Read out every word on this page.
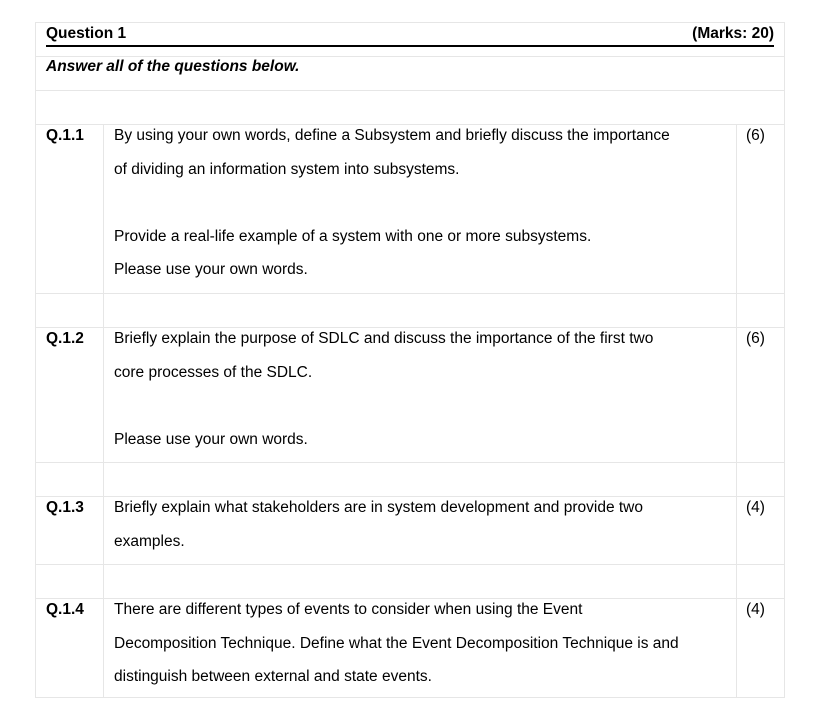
Question 1	(Marks: 20)
Answer all of the questions below.
Q.1.1 By using your own words, define a Subsystem and briefly discuss the importance

of dividing an information system into subsystems.

Provide a real-life example of a system with one or more subsystems.

Please use your own words.

(6)
Q.1.2 Briefly explain the purpose of SDLC and discuss the importance of the first two

core processes of the SDLC.

Please use your own words.

(6)
Q.1.3 Briefly explain what stakeholders are in system development and provide two

examples.

(4)
Q.1.4 There are different types of events to consider when using the Event

Decomposition Technique. Define what the Event Decomposition Technique is and

distinguish between external and state events.

(4)
